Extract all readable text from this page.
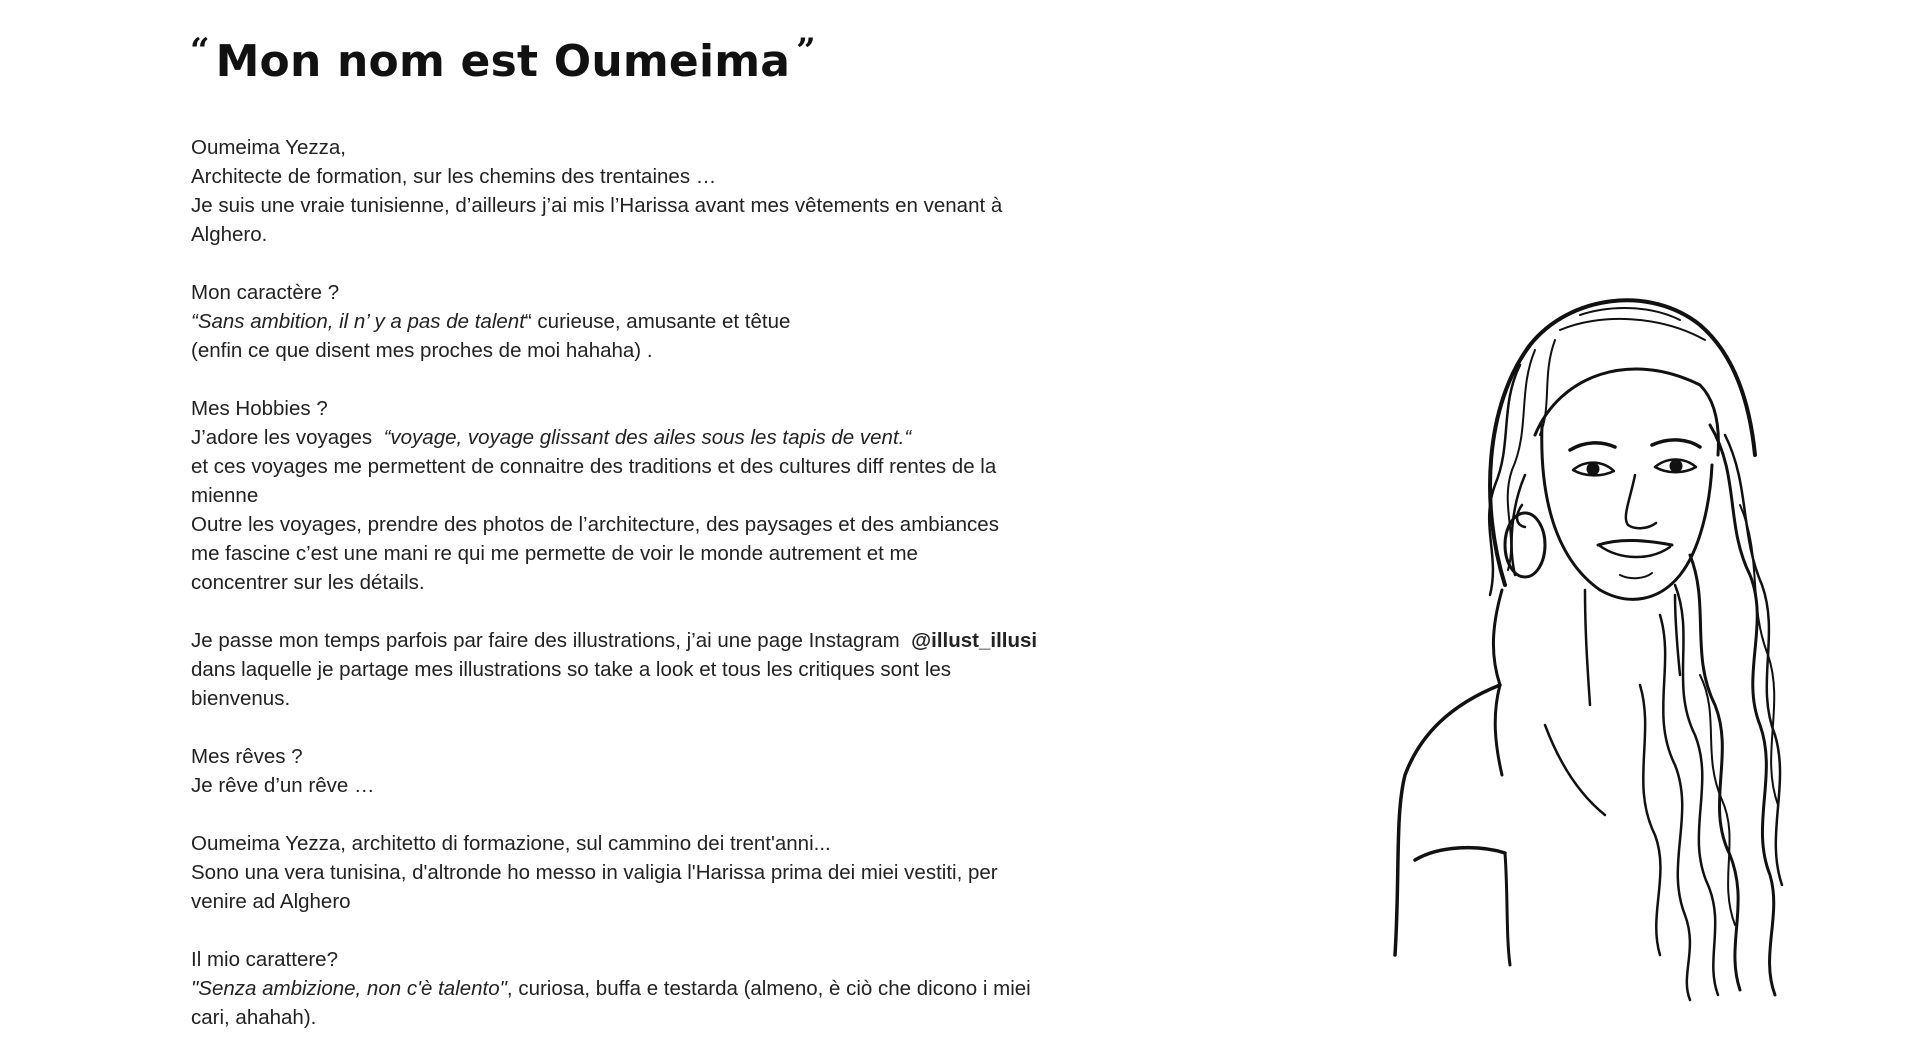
“ Mon nom est Oumeima ”

Oumeima Yezza,
Architecte de formation, sur les chemins des trentaines …
Je suis une vraie tunisienne, d’ailleurs j’ai mis l’Harissa avant mes vêtements en venant à
Alghero.

Mon caractère ?
“Sans ambition, il n’ y a pas de talent“ curieuse, amusante et têtue
(enfin ce que disent mes proches de moi hahaha) .

Mes Hobbies ?
J’adore les voyages  “voyage, voyage glissant des ailes sous les tapis de vent.“
et ces voyages me permettent de connaitre des traditions et des cultures diff rentes de la
mienne
Outre les voyages, prendre des photos de l’architecture, des paysages et des ambiances
me fascine c’est une mani re qui me permette de voir le monde autrement et me
concentrer sur les détails.

Je passe mon temps parfois par faire des illustrations, j’ai une page Instagram  @illust_illusi
dans laquelle je partage mes illustrations so take a look et tous les critiques sont les
bienvenus.

Mes rêves ?
Je rêve d’un rêve …

Oumeima Yezza, architetto di formazione, sul cammino dei trent'anni...
Sono una vera tunisina, d'altronde ho messo in valigia l'Harissa prima dei miei vestiti, per
venire ad Alghero

Il mio carattere?
"Senza ambizione, non c'è talento", curiosa, buffa e testarda (almeno, è ciò che dicono i miei
cari, ahahah).
